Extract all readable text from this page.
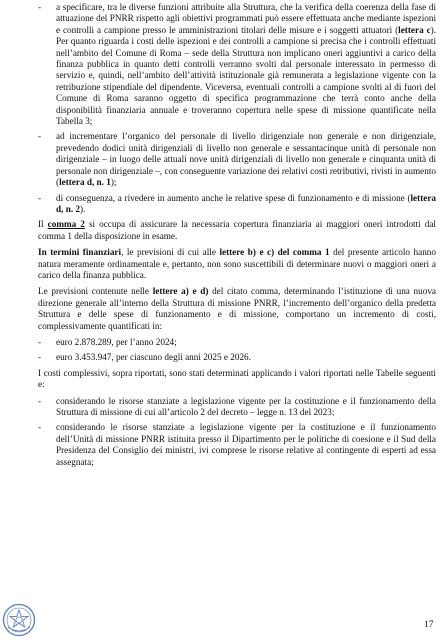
-	a specificare, tra le diverse funzioni attribuite alla Struttura, che la verifica della coerenza della fase di attuazione del PNRR rispetto agli obiettivi programmati può essere effettuata anche mediante ispezioni e controlli a campione presso le amministrazioni titolari delle misure e i soggetti attuatori (lettera c). Per quanto riguarda i costi delle ispezioni e dei controlli a campione si precisa che i controlli effettuati nell’ambito del Comune di Roma – sede della Struttura non implicano oneri aggiuntivi a carico della finanza pubblica in quanto detti controlli verranno svolti dal personale interessato in permesso di servizio e, quindi, nell’ambito dell’attività istituzionale già remunerata a legislazione vigente con la retribuzione stipendiale del dipendente. Viceversa, eventuali controlli a campione svolti al di fuori del Comune di Roma saranno oggetto di specifica programmazione che terrà conto anche della disponibilità finanziaria annuale e troveranno copertura nelle spese di missione quantificate nella Tabella 3;
-	ad incrementare l’organico del personale di livello dirigenziale non generale e non dirigenziale, prevedendo dodici unità dirigenziali di livello non generale e sessantacinque unità di personale non dirigenziale – in luogo delle attuali nove unità dirigenziali di livello non generale e cinquanta unità di personale non dirigenziale –, con conseguente variazione dei relativi costi retributivi, rivisti in aumento (lettera d, n. 1);
-	di conseguenza, a rivedere in aumento anche le relative spese di funzionamento e di missione (lettera d, n. 2).

Il comma 2 si occupa di assicurare la necessaria copertura finanziaria ai maggiori oneri introdotti dal comma 1 della disposizione in esame.

In termini finanziari, le previsioni di cui alle lettere b) e c) del comma 1 del presente articolo hanno natura meramente ordinamentale e, pertanto, non sono suscettibili di determinare nuovi o maggiori oneri a carico della finanza pubblica.

Le previsioni contenute nelle lettere a) e d) del citato comma, determinando l’istituzione di una nuova direzione generale all’interno della Struttura di missione PNRR, l’incremento dell’organico della predetta Struttura e delle spese di funzionamento e di missione, comportano un incremento di costi, complessivamente quantificati in:

-	euro 2.878.289, per l’anno 2024;
-	euro 3.453.947, per ciascuno degli anni 2025 e 2026.

I costi complessivi, sopra riportati, sono stati determinati applicando i valori riportati nelle Tabelle seguenti e:

-	considerando le risorse stanziate a legislazione vigente per la costituzione e il funzionamento della Struttura di missione di cui all’articolo 2 del decreto – legge n. 13 del 2023;
-	considerando le risorse stanziate a legislazione vigente per la costituzione e il funzionamento dell’Unità di missione PNRR istituita presso il Dipartimento per le politiche di coesione e il Sud della Presidenza del Consiglio dei ministri, ivi comprese le risorse relative al contingente di esperti ad essa assegnata;
17
